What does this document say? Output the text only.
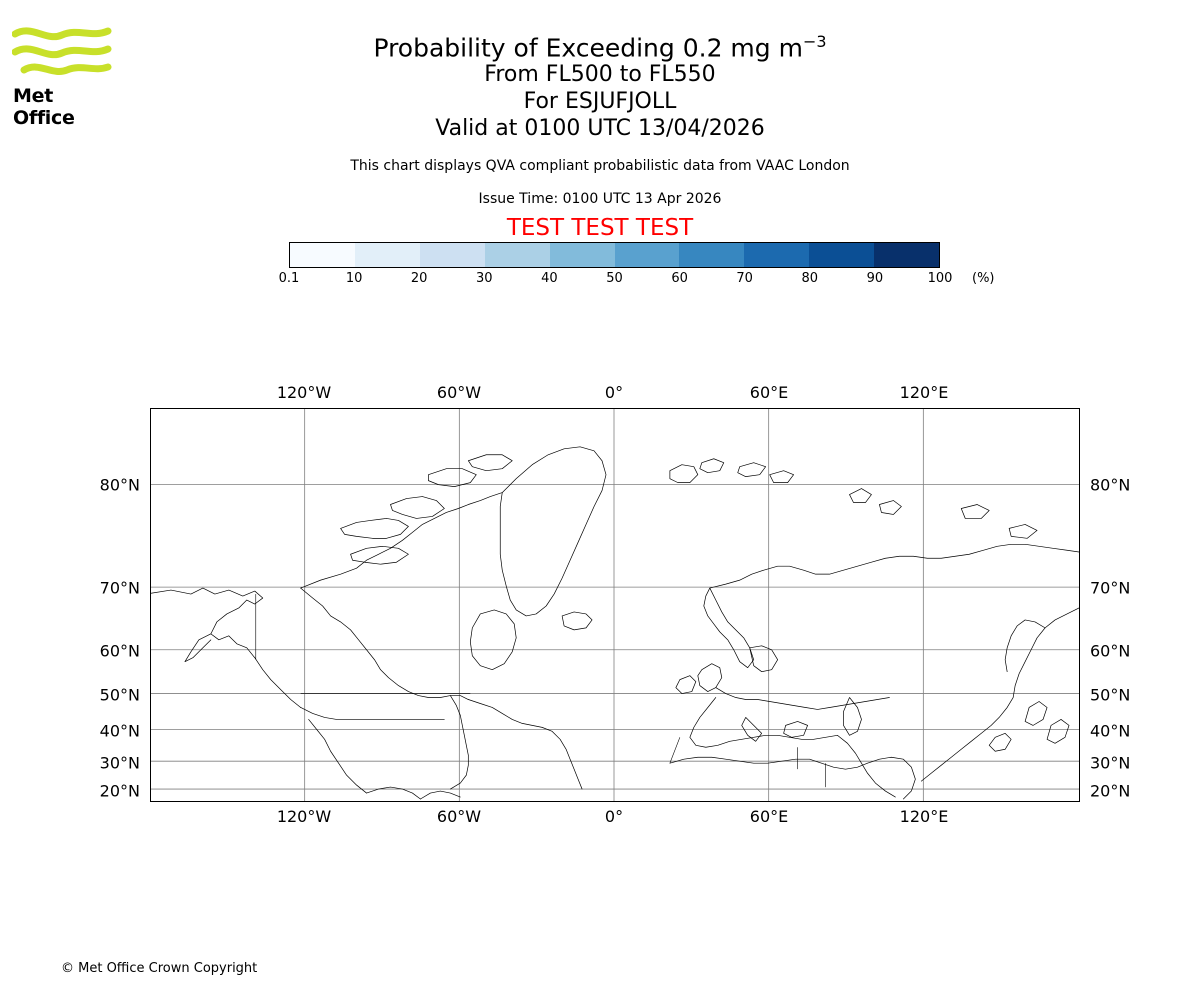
Met Office
Probability of Exceeding 0.2 mg $m^{-3}$
From FL500 to FL550
For ESJUFJOLL
Valid at 0100 UTC 13/04/2026
This chart displays QVA compliant probabilistic data from VAAC London
Issue Time: 0100 UTC 13 Apr 2026
TEST TEST TEST
0.1	10	20	30	40	50	60	70	80	90	100 (%)
120°W	60°W	0°	60°E	120°E
120°W	60°W	0°	60°E	120°E
80°N
70°N
60°N
50°N
40°N
30°N
20°N
80°N
70°N
60°N
50°N
40°N
30°N
20°N
© Met Office Crown Copyright
